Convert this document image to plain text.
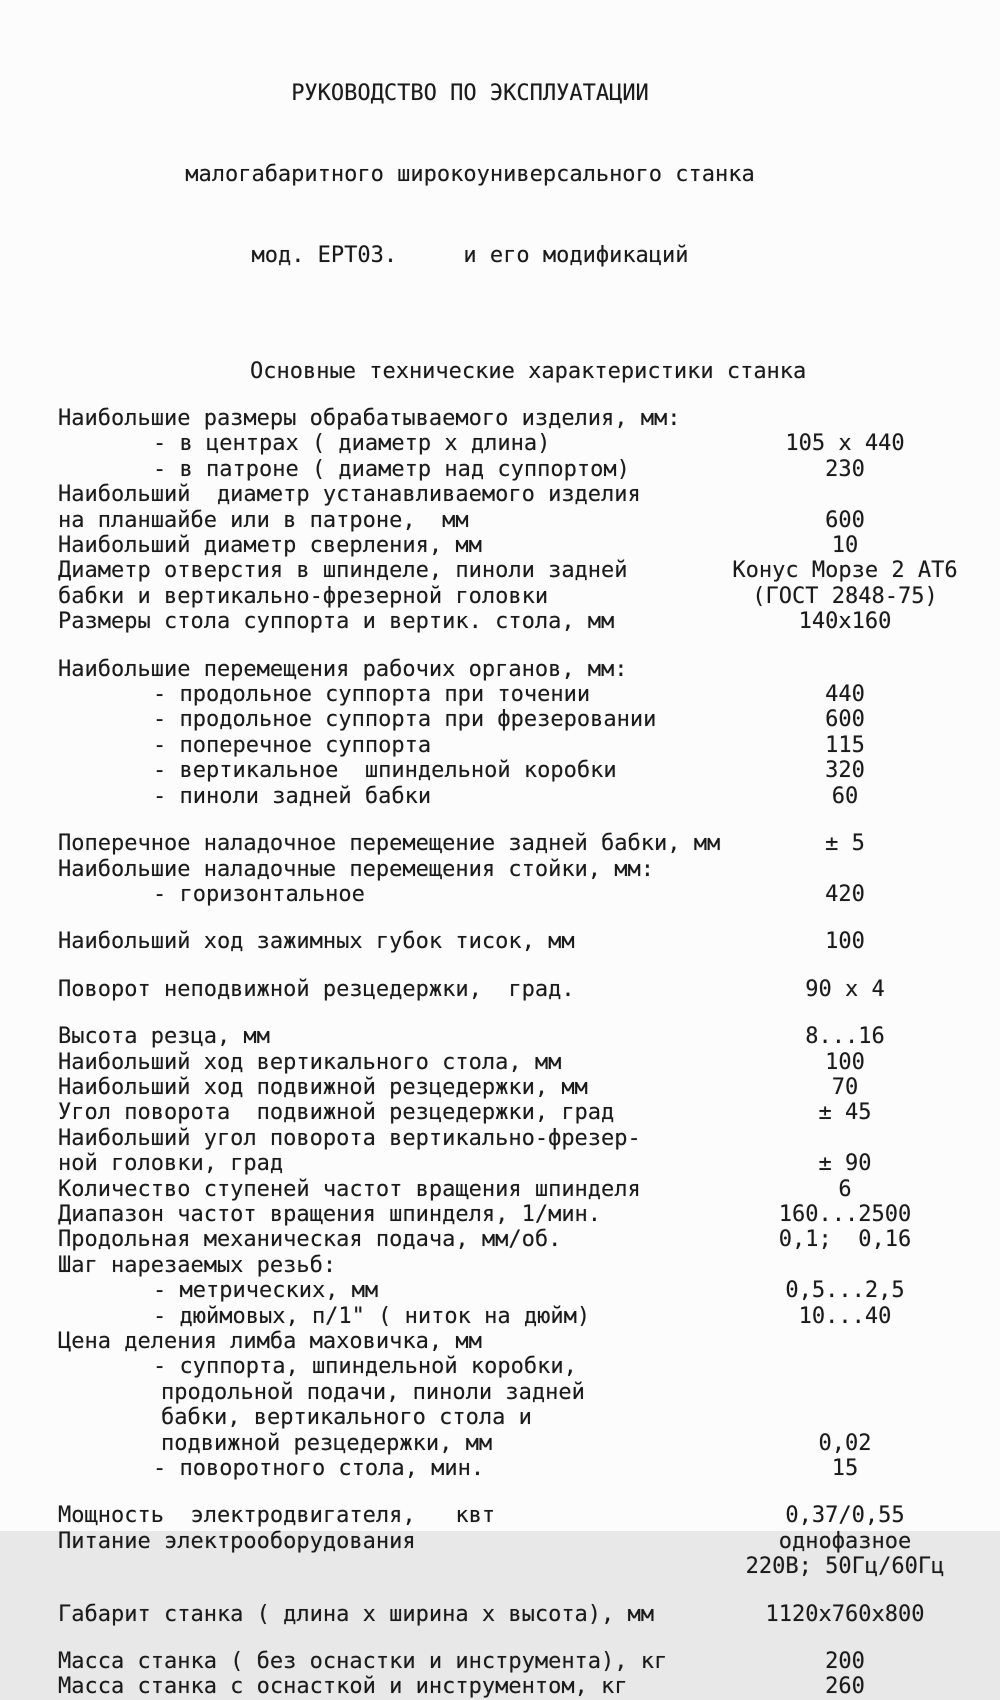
РУКОВОДСТВО ПО ЭКСПЛУАТАЦИИ

малогабаритного широкоуниверсального станка

мод. ЕРТ03.     и его модификаций

Основные технические характеристики станка
Наибольшие размеры обрабатываемого изделия, мм:
- в центрах ( диаметр х длина)	105 x 440
- в патроне ( диаметр над суппортом)	230
Наибольший  диаметр устанавливаемого изделия
на планшайбе или в патроне,  мм	600
Наибольший диаметр сверления, мм	10
Диаметр отверстия в шпинделе, пиноли задней	Конус Морзе 2 АТ6
бабки и вертикально-фрезерной головки	(ГОСТ 2848-75)
Размеры стола суппорта и вертик. стола, мм	140x160
Наибольшие перемещения рабочих органов, мм:
- продольное суппорта при точении	440
- продольное суппорта при фрезеровании	600
- поперечное суппорта	115
- вертикальное  шпиндельной коробки	320
- пиноли задней бабки	60
Поперечное наладочное перемещение задней бабки, мм	± 5
Наибольшие наладочные перемещения стойки, мм:
- горизонтальное	420
Наибольший ход зажимных губок тисок, мм	100
Поворот неподвижной резцедержки,  град.	90 x 4
Высота резца, мм	8...16
Наибольший ход вертикального стола, мм	100
Наибольший ход подвижной резцедержки, мм	70
Угол поворота  подвижной резцедержки, град	± 45
Наибольший угол поворота вертикально-фрезер-
ной головки, град	± 90
Количество ступеней частот вращения шпинделя	6
Диапазон частот вращения шпинделя, 1/мин.	160...2500
Продольная механическая подача, мм/об.	0,1;  0,16
Шаг нарезаемых резьб:
- метрических, мм	0,5...2,5
- дюймовых, п/1" ( ниток на дюйм)	10...40
Цена деления лимба маховичка, мм
- суппорта, шпиндельной коробки,
продольной подачи, пиноли задней
бабки, вертикального стола и
подвижной резцедержки, мм	0,02
- поворотного стола, мин.	15
Мощность  электродвигателя,   квт	0,37/0,55
Питание электрооборудования	однофазное
220В; 50Гц/60Гц
Габарит станка ( длина х ширина х высота), мм	1120x760x800
Масса станка ( без оснастки и инструмента), кг	200
Масса станка с оснасткой и инструментом, кг	260
